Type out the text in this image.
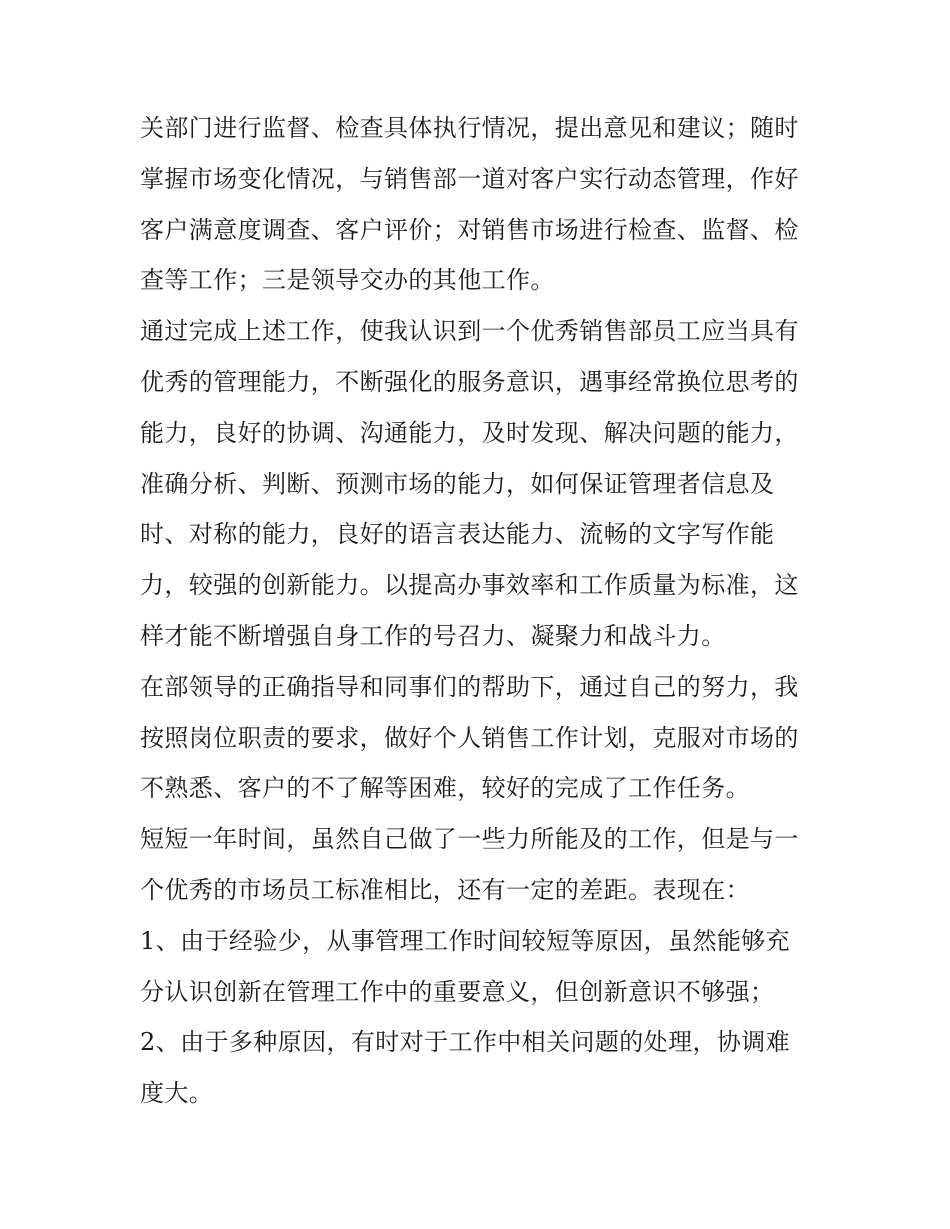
关部门进行监督、检查具体执行情况，提出意见和建议；随时
掌握市场变化情况，与销售部一道对客户实行动态管理，作好
客户满意度调查、客户评价；对销售市场进行检查、监督、检
查等工作；三是领导交办的其他工作。
通过完成上述工作，使我认识到一个优秀销售部员工应当具有
优秀的管理能力，不断强化的服务意识，遇事经常换位思考的
能力，良好的协调、沟通能力，及时发现、解决问题的能力，
准确分析、判断、预测市场的能力，如何保证管理者信息及
时、对称的能力，良好的语言表达能力、流畅的文字写作能
力，较强的创新能力。以提高办事效率和工作质量为标准，这
样才能不断增强自身工作的号召力、凝聚力和战斗力。
在部领导的正确指导和同事们的帮助下，通过自己的努力，我
按照岗位职责的要求，做好个人销售工作计划，克服对市场的
不熟悉、客户的不了解等困难，较好的完成了工作任务。
短短一年时间，虽然自己做了一些力所能及的工作，但是与一
个优秀的市场员工标准相比，还有一定的差距。表现在：
1、由于经验少，从事管理工作时间较短等原因，虽然能够充
分认识创新在管理工作中的重要意义，但创新意识不够强；
2、由于多种原因，有时对于工作中相关问题的处理，协调难
度大。
